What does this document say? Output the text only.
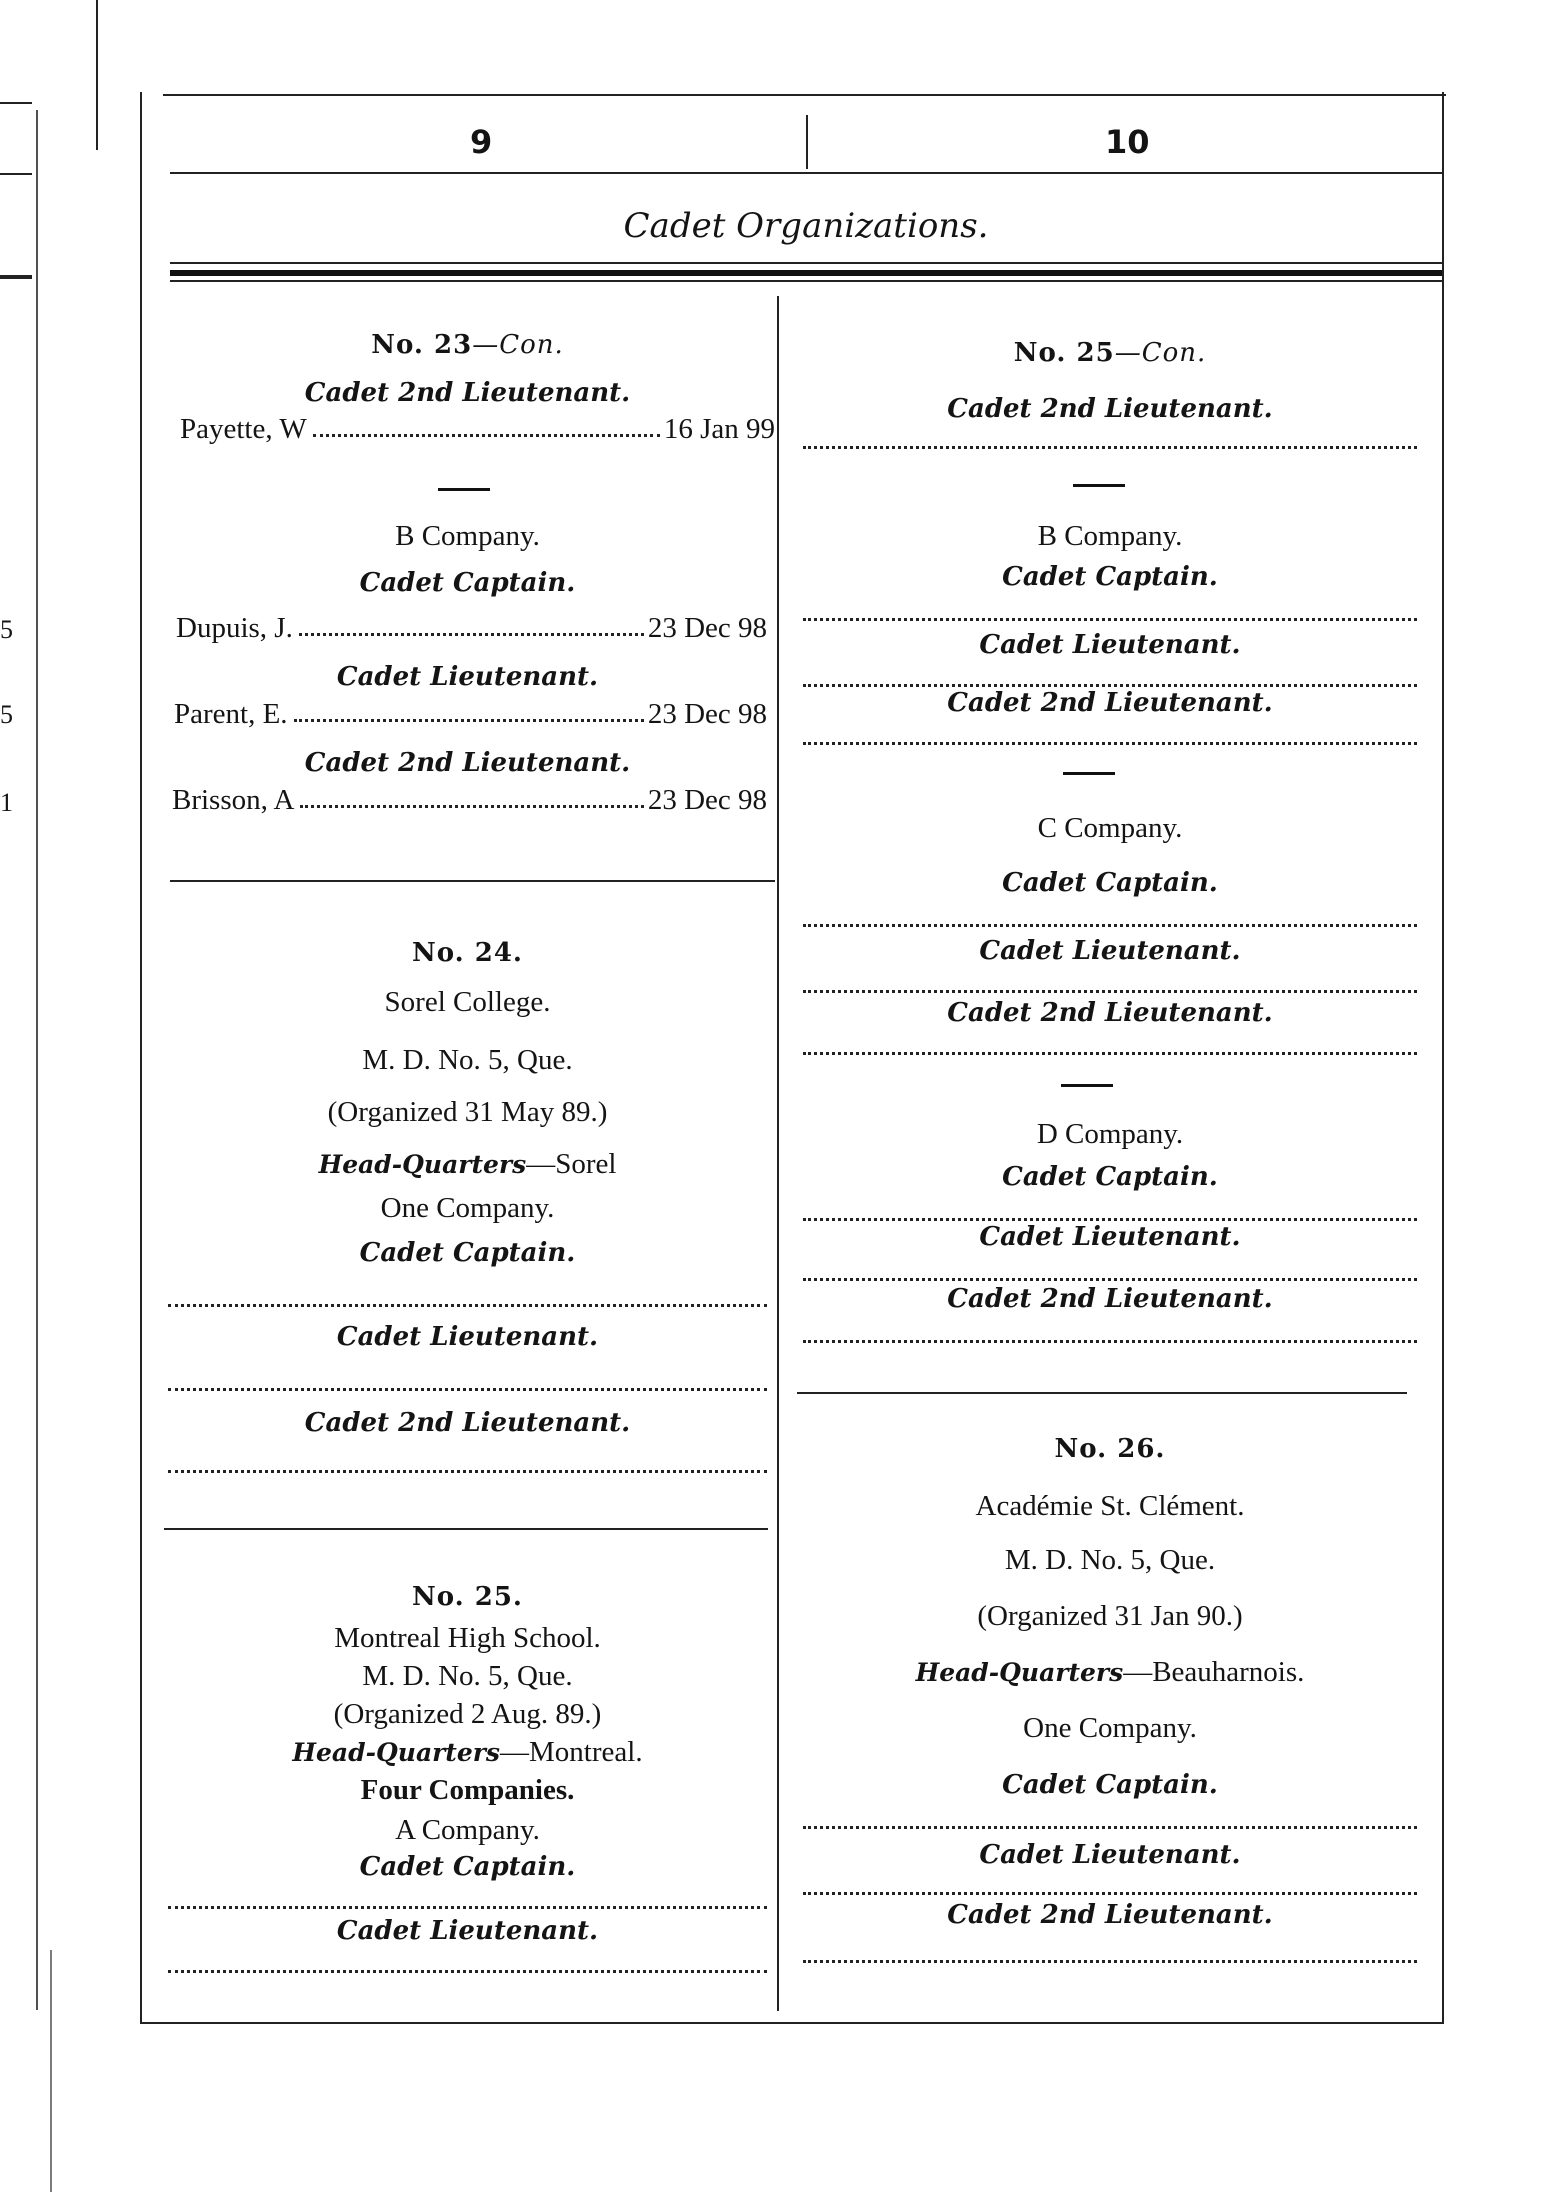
5
5
1
9	10
Cadet Organizations.
No. 23—Con.
Cadet 2nd Lieutenant.
Payette, W	16 Jan 99
B Company.
Cadet Captain.
Dupuis, J.	23 Dec 98
Cadet Lieutenant.
Parent, E.	23 Dec 98
Cadet 2nd Lieutenant.
Brisson, A	23 Dec 98
No. 24.
Sorel College.
M. D. No. 5, Que.
(Organized 31 May 89.)
Head-Quarters—Sorel
One Company.
Cadet Captain.
Cadet Lieutenant.
Cadet 2nd Lieutenant.
No. 25.
Montreal High School.
M. D. No. 5, Que.
(Organized 2 Aug. 89.)
Head-Quarters—Montreal.
Four Companies.
A Company.
Cadet Captain.
Cadet Lieutenant.
No. 25—Con.
Cadet 2nd Lieutenant.
B Company.
Cadet Captain.
Cadet Lieutenant.
Cadet 2nd Lieutenant.
C Company.
Cadet Captain.
Cadet Lieutenant.
Cadet 2nd Lieutenant.
D Company.
Cadet Captain.
Cadet Lieutenant.
Cadet 2nd Lieutenant.
No. 26.
Académie St. Clément.
M. D. No. 5, Que.
(Organized 31 Jan 90.)
Head-Quarters—Beauharnois.
One Company.
Cadet Captain.
Cadet Lieutenant.
Cadet 2nd Lieutenant.
